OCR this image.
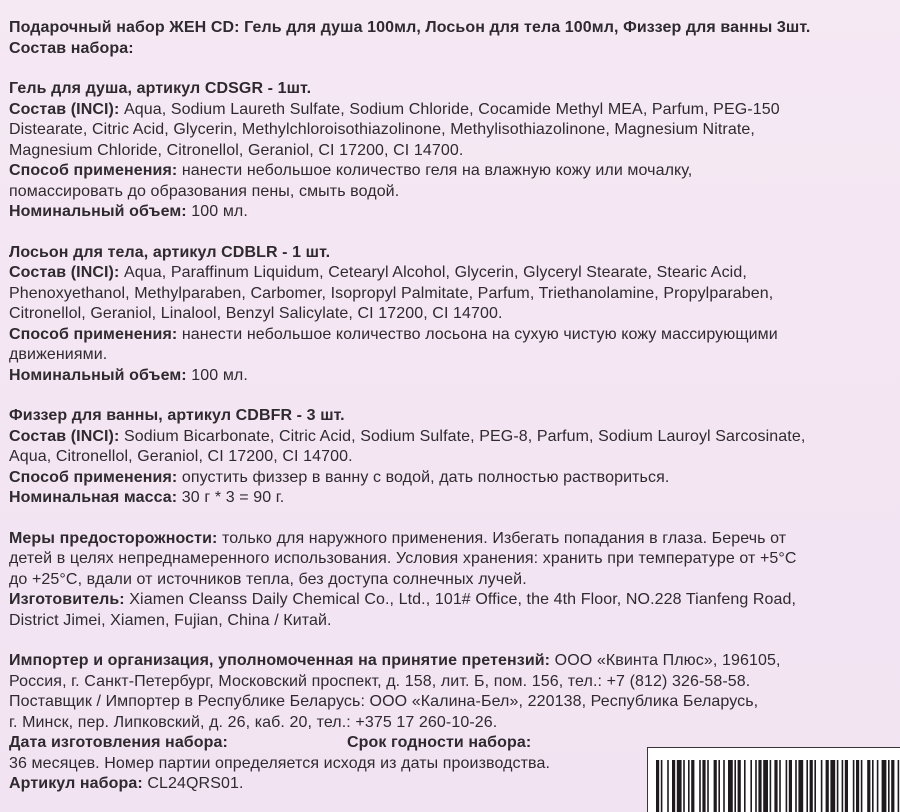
Подарочный набор ЖЕН CD: Гель для душа 100мл, Лосьон для тела 100мл, Физзер для ванны 3шт.
Состав набора:
Гель для душа, артикул CDSGR - 1шт.
Состав (INCI): Aqua, Sodium Laureth Sulfate, Sodium Chloride, Cocamide Methyl MEA, Parfum, PEG-150
Distearate, Citric Acid, Glycerin, Methylchloroisothiazolinone, Methylisothiazolinone, Magnesium Nitrate,
Magnesium Chloride, Citronellol, Geraniol, CI 17200, CI 14700.
Способ применения: нанести небольшое количество геля на влажную кожу или мочалку,
помассировать до образования пены, смыть водой.
Номинальный объем: 100 мл.
Лосьон для тела, артикул CDBLR - 1 шт.
Состав (INCI): Aqua, Paraffinum Liquidum, Cetearyl Alcohol, Glycerin, Glyceryl Stearate, Stearic Acid,
Phenoxyethanol, Methylparaben, Carbomer, Isopropyl Palmitate, Parfum, Triethanolamine, Propylparaben,
Citronellol, Geraniol, Linalool, Benzyl Salicylate, CI 17200, CI 14700.
Способ применения: нанести небольшое количество лосьона на сухую чистую кожу массирующими
движениями.
Номинальный объем: 100 мл.
Физзер для ванны, артикул CDBFR - 3 шт.
Состав (INCI): Sodium Bicarbonate, Citric Acid, Sodium Sulfate, PEG-8, Parfum, Sodium Lauroyl Sarcosinate,
Aqua, Citronellol, Geraniol, CI 17200, CI 14700.
Способ применения: опустить физзер в ванну с водой, дать полностью раствориться.
Номинальная масса: 30 г * 3 = 90 г.
Меры предосторожности: только для наружного применения. Избегать попадания в глаза. Беречь от
детей в целях непреднамеренного использования. Условия хранения: хранить при температуре от +5°С
до +25°С, вдали от источников тепла, без доступа солнечных лучей.
Изготовитель: Xiamen Cleanss Daily Chemical Co., Ltd., 101# Office, the 4th Floor, NO.228 Tianfeng Road,
District Jimei, Xiamen, Fujian, China / Китай.
Импортер и организация, уполномоченная на принятие претензий: ООО «Квинта Плюс», 196105,
Россия, г. Санкт-Петербург, Московский проспект, д. 158, лит. Б, пом. 156, тел.: +7 (812) 326-58-58.
Поставщик / Импортер в Республике Беларусь: ООО «Калина-Бел», 220138, Республика Беларусь,
г. Минск, пер. Липковский, д. 26, каб. 20, тел.: +375 17 260-10-26.
Дата изготовления набора:	Срок годности набора:
36 месяцев. Номер партии определяется исходя из даты производства.
Артикул набора: CL24QRS01.
